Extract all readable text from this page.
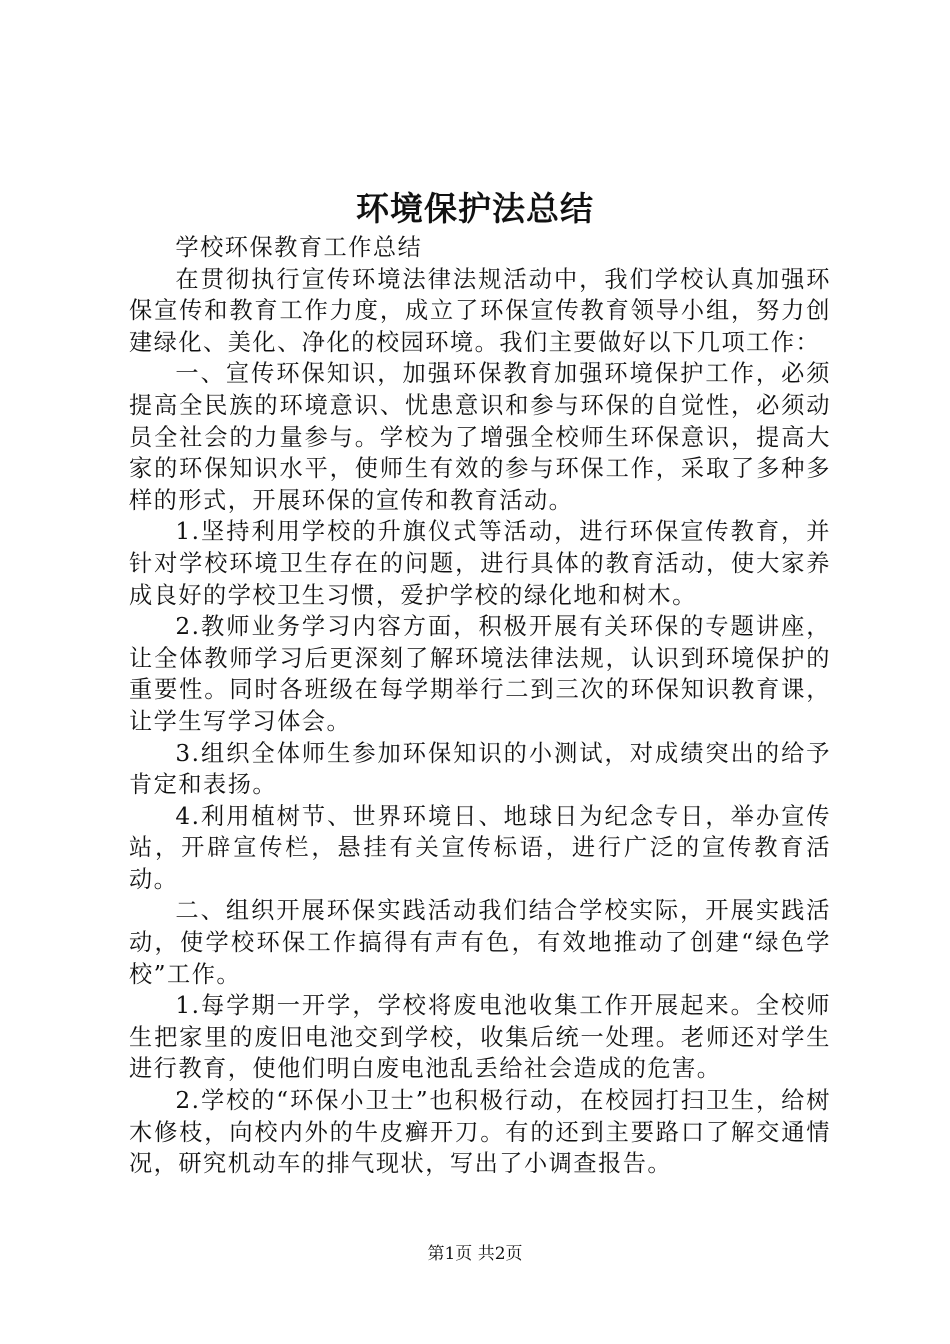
环境保护法总结

学校环保教育工作总结

在贯彻执行宣传环境法律法规活动中，我们学校认真加强环保宣传和教育工作力度，成立了环保宣传教育领导小组，努力创建绿化、美化、净化的校园环境。我们主要做好以下几项工作：

一、宣传环保知识，加强环保教育加强环境保护工作，必须提高全民族的环境意识、忧患意识和参与环保的自觉性，必须动员全社会的力量参与。学校为了增强全校师生环保意识，提高大家的环保知识水平，使师生有效的参与环保工作，采取了多种多样的形式，开展环保的宣传和教育活动。

1.坚持利用学校的升旗仪式等活动，进行环保宣传教育，并针对学校环境卫生存在的问题，进行具体的教育活动，使大家养成良好的学校卫生习惯，爱护学校的绿化地和树木。

2.教师业务学习内容方面，积极开展有关环保的专题讲座，让全体教师学习后更深刻了解环境法律法规，认识到环境保护的重要性。同时各班级在每学期举行二到三次的环保知识教育课，让学生写学习体会。

3.组织全体师生参加环保知识的小测试，对成绩突出的给予肯定和表扬。

4.利用植树节、世界环境日、地球日为纪念专日，举办宣传站，开辟宣传栏，悬挂有关宣传标语，进行广泛的宣传教育活动。

二、组织开展环保实践活动我们结合学校实际，开展实践活动，使学校环保工作搞得有声有色，有效地推动了创建“绿色学校”工作。

1.每学期一开学，学校将废电池收集工作开展起来。全校师生把家里的废旧电池交到学校，收集后统一处理。老师还对学生进行教育，使他们明白废电池乱丢给社会造成的危害。

2.学校的“环保小卫士”也积极行动，在校园打扫卫生，给树木修枝，向校内外的牛皮癣开刀。有的还到主要路口了解交通情况，研究机动车的排气现状，写出了小调查报告。

第1页 共2页
